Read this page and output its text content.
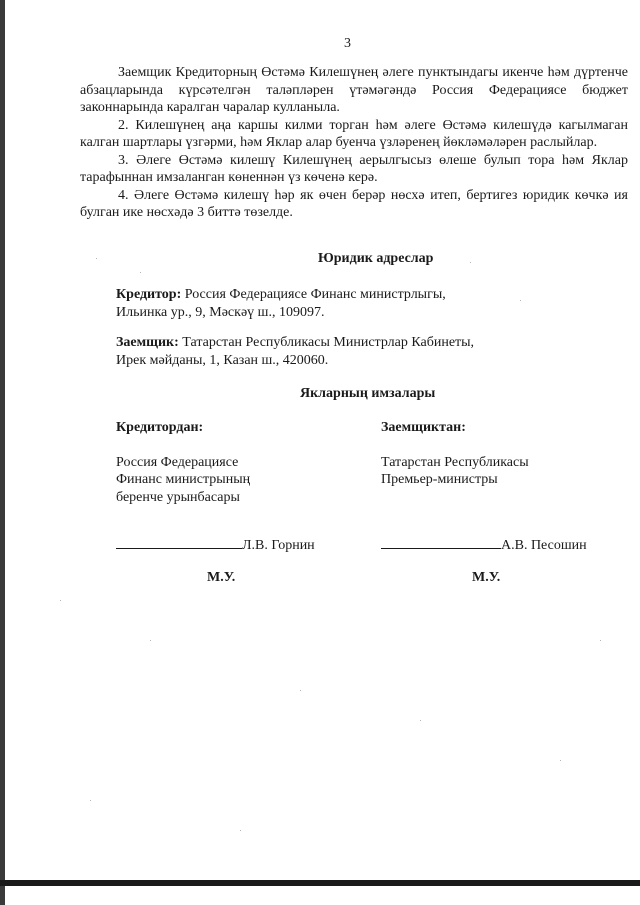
3

Заемщик Кредиторның Өстәмә Килешүнең әлеге пунктындагы икенче һәм дүртенче абзацларында күрсәтелгән таләпләрен үтәмәгәндә Россия Федерациясе бюджет законнарында каралган чаралар кулланыла.

2. Килешүнең аңа каршы килми торган һәм әлеге Өстәмә килешүдә кагылмаган калган шартлары үзгәрми, һәм Яклар алар буенча үзләренең йөкләмәләрен раслыйлар.

3. Әлеге Өстәмә килешү Килешүнең аерылгысыз өлеше булып тора һәм Яклар тарафыннан имзаланган көненнән үз көченә керә.

4. Әлеге Өстәмә килешү һәр як өчен берәр нөсхә итеп, бертигез юридик көчкә ия булган ике нөсхәдә 3 биттә төзелде.

Юридик адреслар
Кредитор: Россия Федерациясе Финанс министрлыгы,
Ильинка ур., 9, Мәскәү ш., 109097.
Заемщик: Татарстан Республикасы Министрлар Кабинеты,
Ирек мәйданы, 1, Казан ш., 420060.
Якларның имзалары
Кредитордан:
Россия Федерациясе
Финанс министрының
беренче урынбасары
Заемщиктан:
Татарстан Республикасы
Премьер-министры
Л.В. Горнин	А.В. Песошин
М.У.	М.У.
